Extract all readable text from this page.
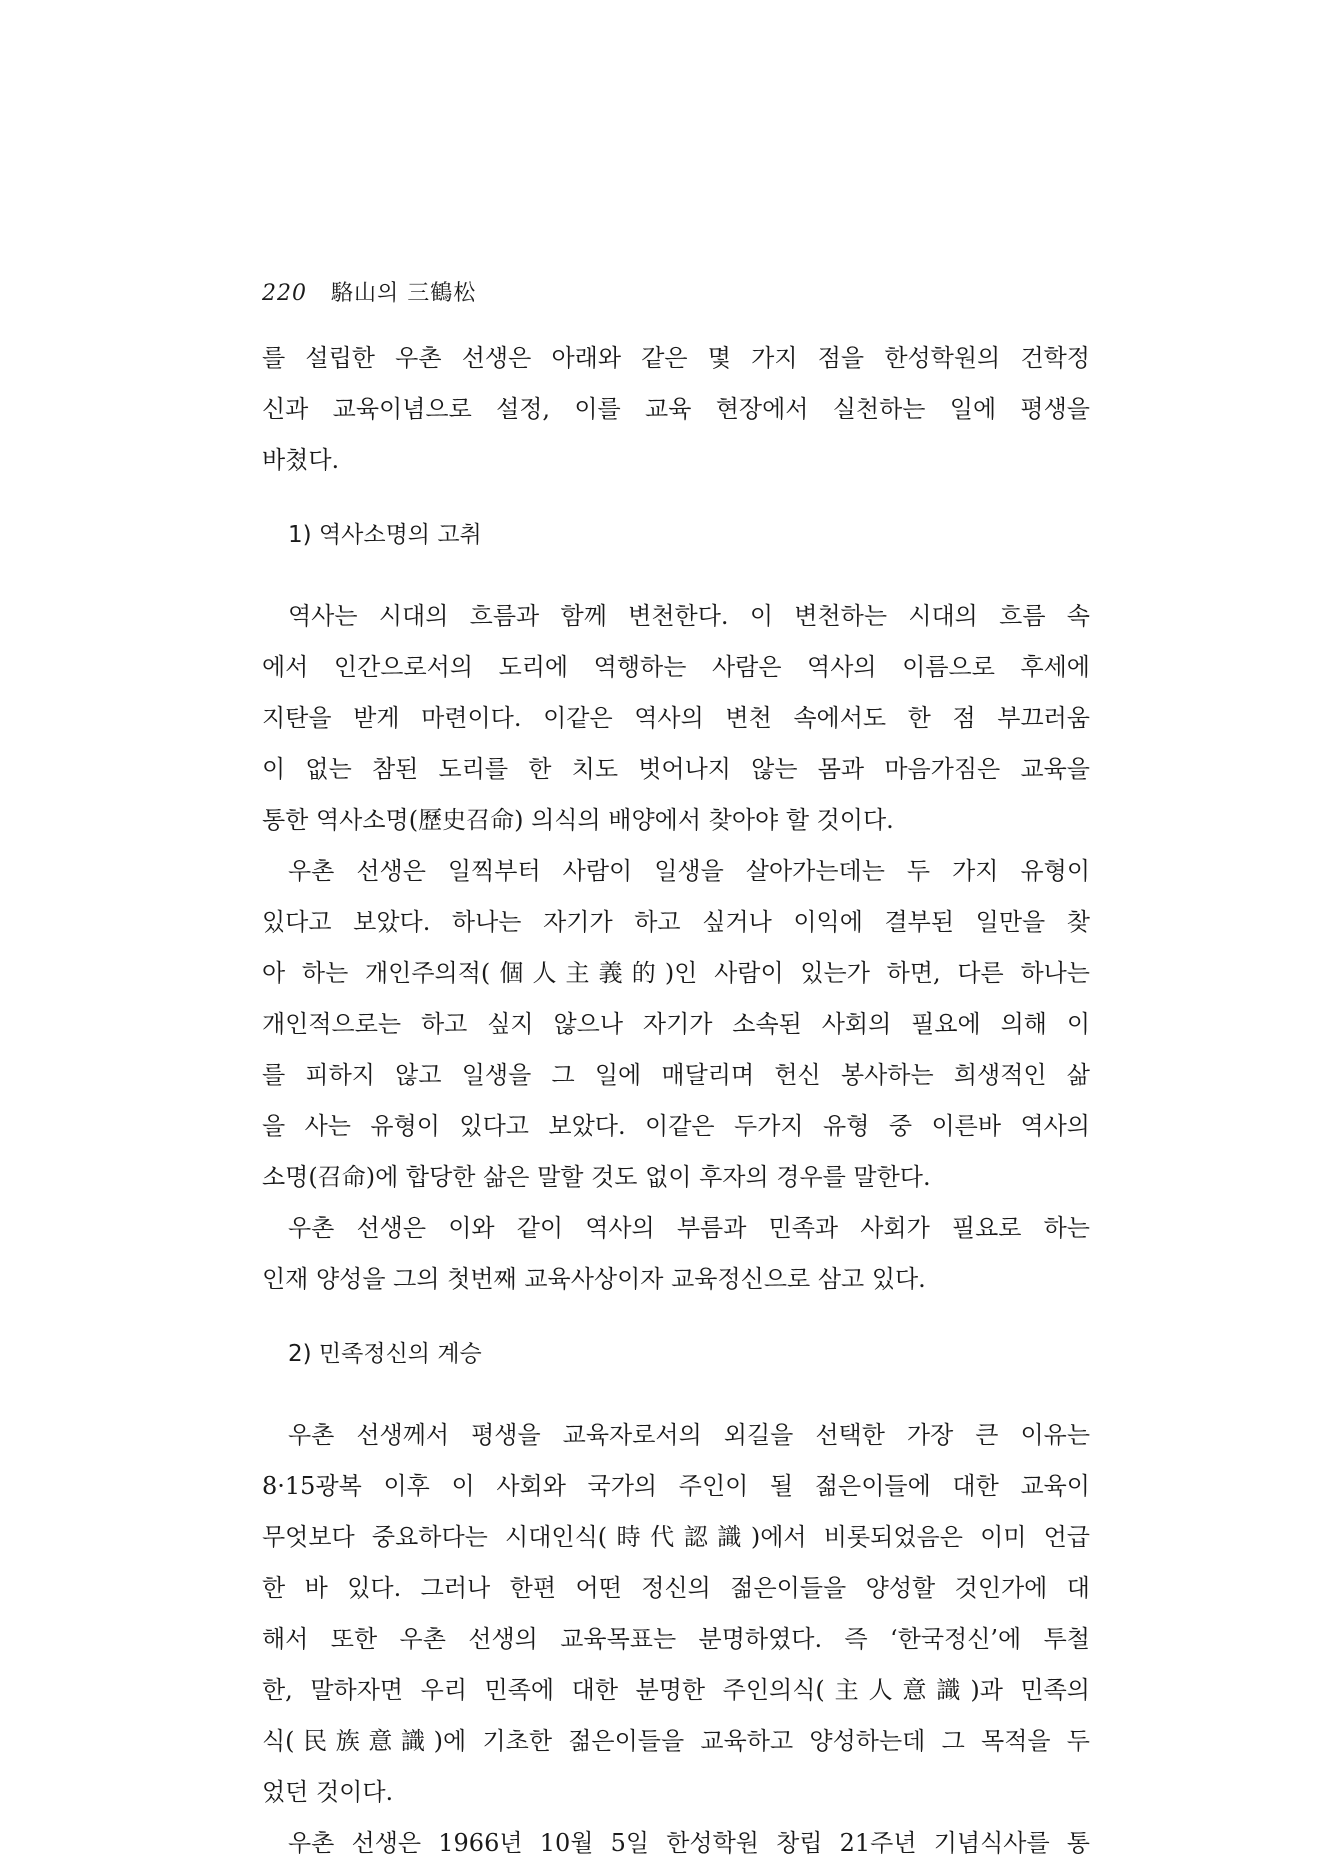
220 駱山의 三鶴松
를 설립한 우촌 선생은 아래와 같은 몇 가지 점을 한성학원의 건학정
신과 교육이념으로 설정, 이를 교육 현장에서 실천하는 일에 평생을
바쳤다.
1) 역사소명의 고취
역사는 시대의 흐름과 함께 변천한다. 이 변천하는 시대의 흐름 속
에서 인간으로서의 도리에 역행하는 사람은 역사의 이름으로 후세에
지탄을 받게 마련이다. 이같은 역사의 변천 속에서도 한 점 부끄러움
이 없는 참된 도리를 한 치도 벗어나지 않는 몸과 마음가짐은 교육을
통한 역사소명(歷史召命) 의식의 배양에서 찾아야 할 것이다.
우촌 선생은 일찍부터 사람이 일생을 살아가는데는 두 가지 유형이
있다고 보았다. 하나는 자기가 하고 싶거나 이익에 결부된 일만을 찾
아 하는 개인주의적(個人主義的)인 사람이 있는가 하면, 다른 하나는
개인적으로는 하고 싶지 않으나 자기가 소속된 사회의 필요에 의해 이
를 피하지 않고 일생을 그 일에 매달리며 헌신 봉사하는 희생적인 삶
을 사는 유형이 있다고 보았다. 이같은 두가지 유형 중 이른바 역사의
소명(召命)에 합당한 삶은 말할 것도 없이 후자의 경우를 말한다.
우촌 선생은 이와 같이 역사의 부름과 민족과 사회가 필요로 하는
인재 양성을 그의 첫번째 교육사상이자 교육정신으로 삼고 있다.
2) 민족정신의 계승
우촌 선생께서 평생을 교육자로서의 외길을 선택한 가장 큰 이유는
8·15광복 이후 이 사회와 국가의 주인이 될 젊은이들에 대한 교육이
무엇보다 중요하다는 시대인식(時代認識)에서 비롯되었음은 이미 언급
한 바 있다. 그러나 한편 어떤 정신의 젊은이들을 양성할 것인가에 대
해서 또한 우촌 선생의 교육목표는 분명하였다. 즉 ‘한국정신’에 투철
한, 말하자면 우리 민족에 대한 분명한 주인의식(主人意識)과 민족의
식(民族意識)에 기초한 젊은이들을 교육하고 양성하는데 그 목적을 두
었던 것이다.
우촌 선생은 1966년 10월 5일 한성학원 창립 21주년 기념식사를 통
